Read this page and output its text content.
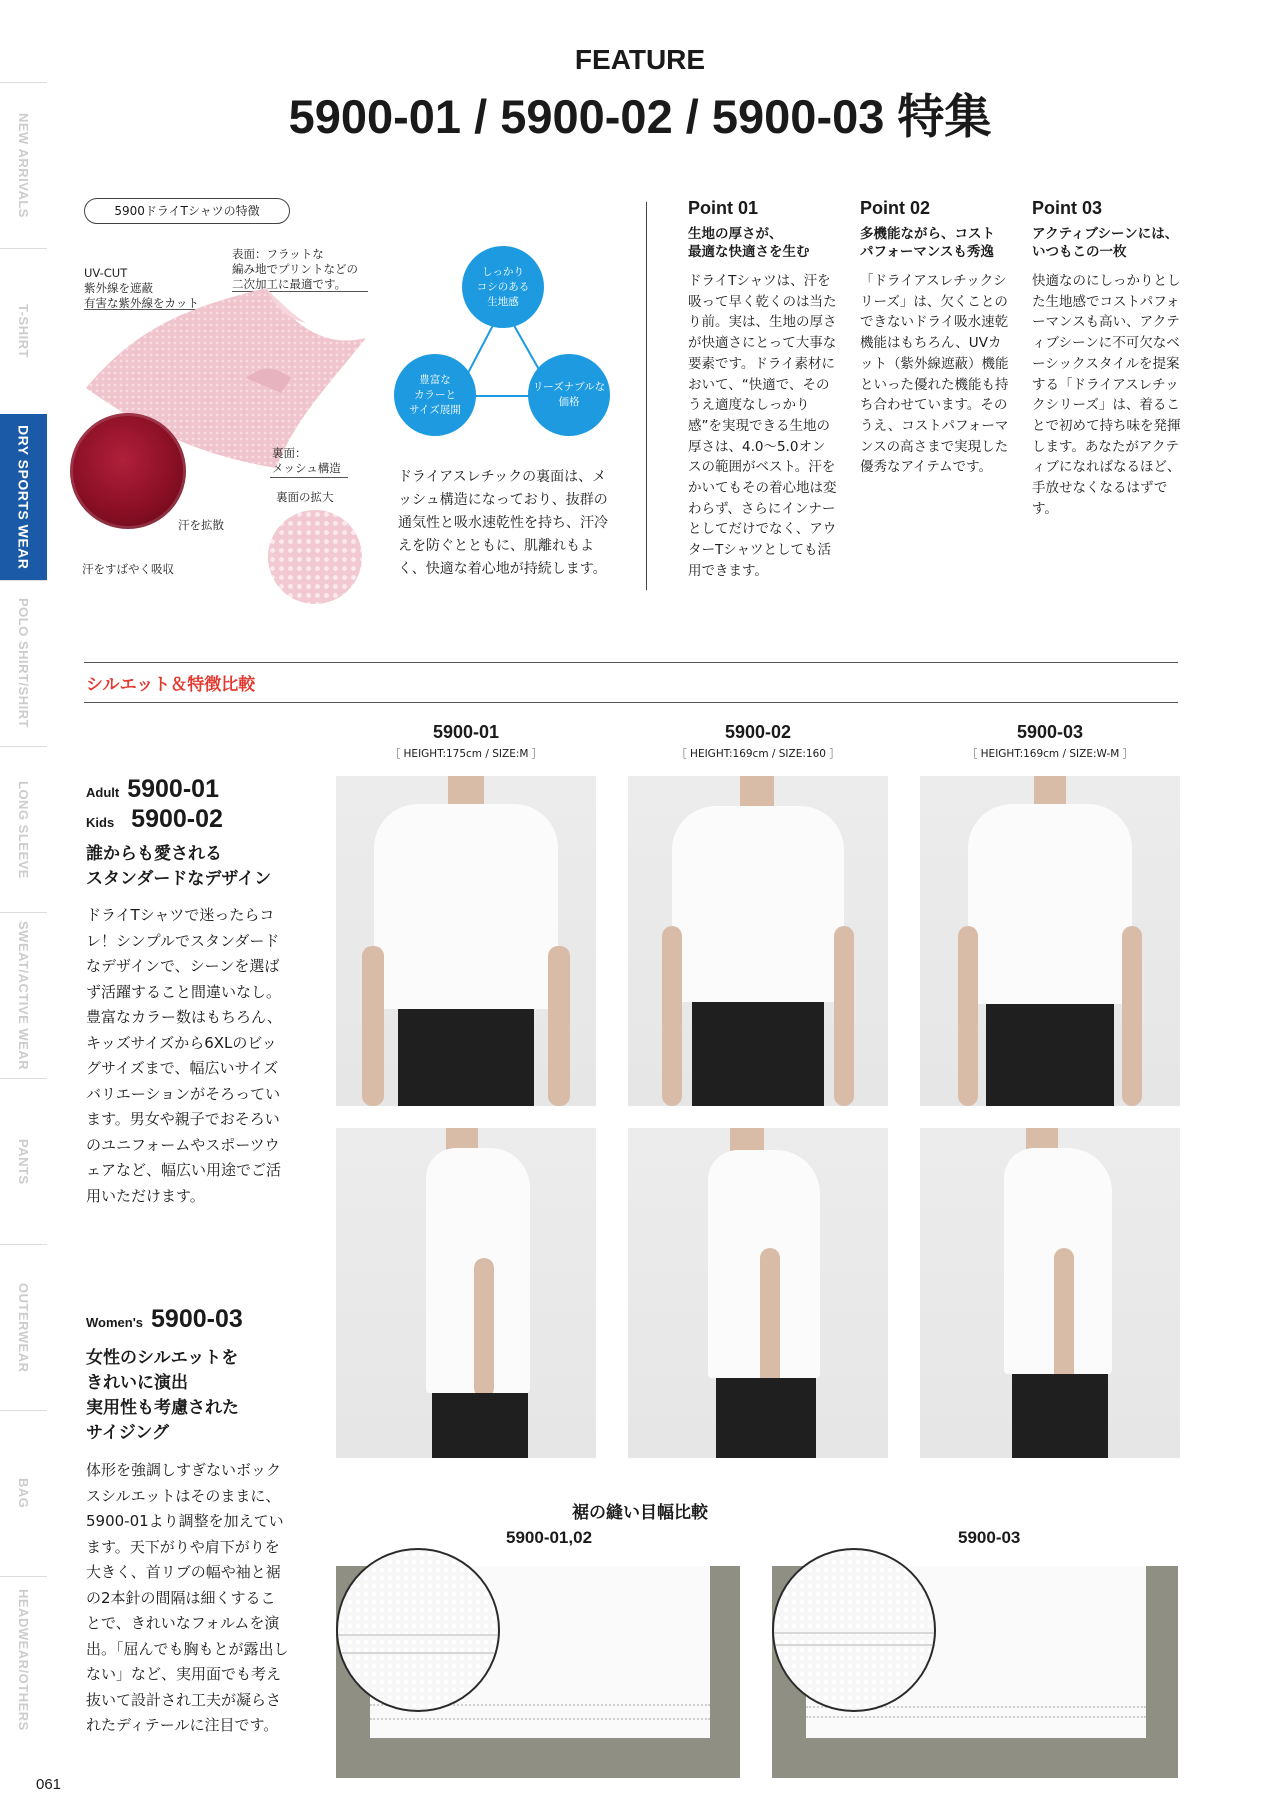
NEW ARRIVALS
T-SHIRT
DRY SPORTS WEAR
POLO SHIRT/SHIRT
LONG SLEEVE
SWEAT/ACTIVE WEAR
PANTS
OUTERWEAR
BAG
HEADWEAR/OTHERS
FEATURE
5900-01 / 5900-02 / 5900-03 特集
5900ドライTシャツの特徴
UV-CUT
紫外線を遮蔽
有害な紫外線をカット
表面：フラットな
編み地でプリントなどの
二次加工に最適です。
汗を拡散
汗をすばやく吸収
裏面：
メッシュ構造
裏面の拡大
しっかり
コシのある
生地感
豊富な
カラーと
サイズ展開
リーズナブルな
価格
ドライアスレチックの裏面は、メッシュ構造になっており、抜群の通気性と吸水速乾性を持ち、汗冷えを防ぐとともに、肌離れもよく、快適な着心地が持続します。
Point 01
生地の厚さが、
最適な快適さを生む
ドライTシャツは、汗を吸って早く乾くのは当たり前。実は、生地の厚さが快適さにとって大事な要素です。ドライ素材において、“快適で、そのうえ適度なしっかり感”を実現できる生地の厚さは、4.0〜5.0オンスの範囲がベスト。汗をかいてもその着心地は変わらず、さらにインナーとしてだけでなく、アウターTシャツとしても活用できます。
Point 02
多機能ながら、コスト
パフォーマンスも秀逸
「ドライアスレチックシリーズ」は、欠くことのできないドライ吸水速乾機能はもちろん、UVカット（紫外線遮蔽）機能といった優れた機能も持ち合わせています。そのうえ、コストパフォーマンスの高さまで実現した優秀なアイテムです。
Point 03
アクティブシーンには、
いつもこの一枚
快適なのにしっかりとした生地感でコストパフォーマンスも高い、アクティブシーンに不可欠なベーシックスタイルを提案する「ドライアスレチックシリーズ」は、着ることで初めて持ち味を発揮します。あなたがアクティブになればなるほど、手放せなくなるはずです。
シルエット＆特徴比較
Adult 5900-01
Kids 5900-02
誰からも愛される
スタンダードなデザイン
ドライTシャツで迷ったらコレ！シンプルでスタンダードなデザインで、シーンを選ばず活躍すること間違いなし。豊富なカラー数はもちろん、キッズサイズから6XLのビッグサイズまで、幅広いサイズバリエーションがそろっています。男女や親子でおそろいのユニフォームやスポーツウェアなど、幅広い用途でご活用いただけます。
Women's 5900-03
女性のシルエットを
きれいに演出
実用性も考慮された
サイジング
体形を強調しすぎないボックスシルエットはそのままに、5900-01より調整を加えています。天下がりや肩下がりを大きく、首リブの幅や袖と裾の2本針の間隔は細くすることで、きれいなフォルムを演出。「屈んでも胸もとが露出しない」など、実用面でも考え抜いて設計され工夫が凝らされたディテールに注目です。
5900-01
［ HEIGHT:175cm / SIZE:M ］
5900-02
［ HEIGHT:169cm / SIZE:160 ］
5900-03
［ HEIGHT:169cm / SIZE:W-M ］
裾の縫い目幅比較
5900-01,02	5900-03
061
